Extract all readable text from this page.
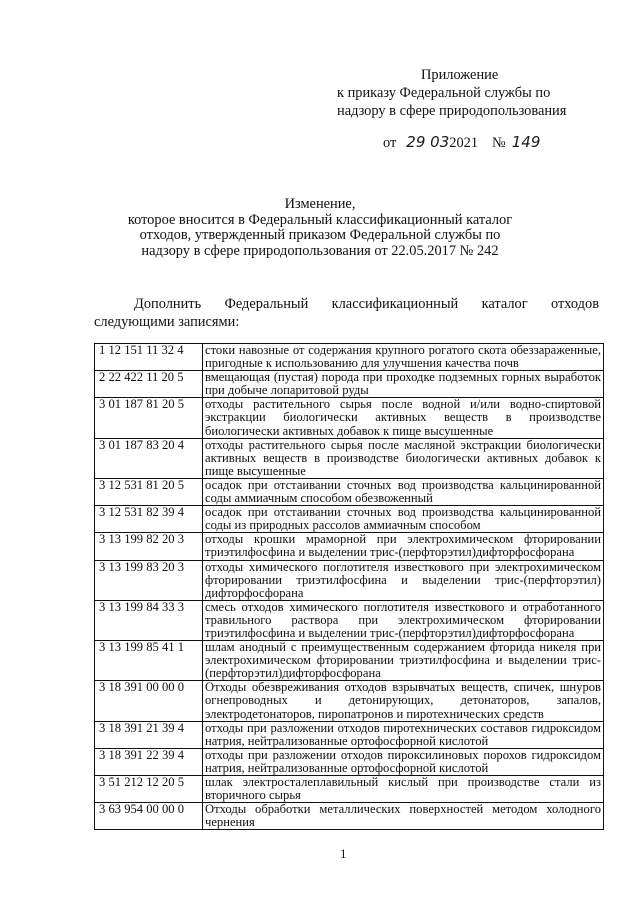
Приложение
к приказу Федеральной службы по
надзору в сфере природопользования
от 29 032021 № 149
Изменение,
которое вносится в Федеральный классификационный каталог
отходов, утвержденный приказом Федеральной службы по
надзору в сфере природопользования от 22.05.2017 № 242
Дополнить Федеральный классификационный каталог отходов
следующими записями:
1 12 151 11 32 4	стоки навозные от содержания крупного рогатого скота обеззараженные, пригодные к использованию для улучшения качества почв
2 22 422 11 20 5	вмещающая (пустая) порода при проходке подземных горных выработок при добыче лопаритовой руды
3 01 187 81 20 5	отходы растительного сырья после водной и/или водно-спиртовой экстракции биологически активных веществ в производстве биологически активных добавок к пище высушенные
3 01 187 83 20 4	отходы растительного сырья после масляной экстракции биологически активных веществ в производстве биологически активных добавок к пище высушенные
3 12 531 81 20 5	осадок при отстаивании сточных вод производства кальцинированной соды аммиачным способом обезвоженный
3 12 531 82 39 4	осадок при отстаивании сточных вод производства кальцинированной соды из природных рассолов аммиачным способом
3 13 199 82 20 3	отходы крошки мраморной при электрохимическом фторировании триэтилфосфина и выделении трис-(перфторэтил)дифторфосфорана
3 13 199 83 20 3	отходы химического поглотителя известкового при электрохимическом фторировании триэтилфосфина и выделении трис-(перфторэтил) дифторфосфорана
3 13 199 84 33 3	смесь отходов химического поглотителя известкового и отработанного травильного раствора при электрохимическом фторировании триэтилфосфина и выделении трис-(перфторэтил)дифторфосфорана
3 13 199 85 41 1	шлам анодный с преимущественным содержанием фторида никеля при электрохимическом фторировании триэтилфосфина и выделении трис-(перфторэтил)дифторфосфорана
3 18 391 00 00 0	Отходы обезвреживания отходов взрывчатых веществ, спичек, шнуров огнепроводных и детонирующих, детонаторов, запалов, электродетонаторов, пиропатронов и пиротехнических средств
3 18 391 21 39 4	отходы при разложении отходов пиротехнических составов гидроксидом натрия, нейтрализованные ортофосфорной кислотой
3 18 391 22 39 4	отходы при разложении отходов пироксилиновых порохов гидроксидом натрия, нейтрализованные ортофосфорной кислотой
3 51 212 12 20 5	шлак электросталеплавильный кислый при производстве стали из вторичного сырья
3 63 954 00 00 0	Отходы обработки металлических поверхностей методом холодного чернения
1
